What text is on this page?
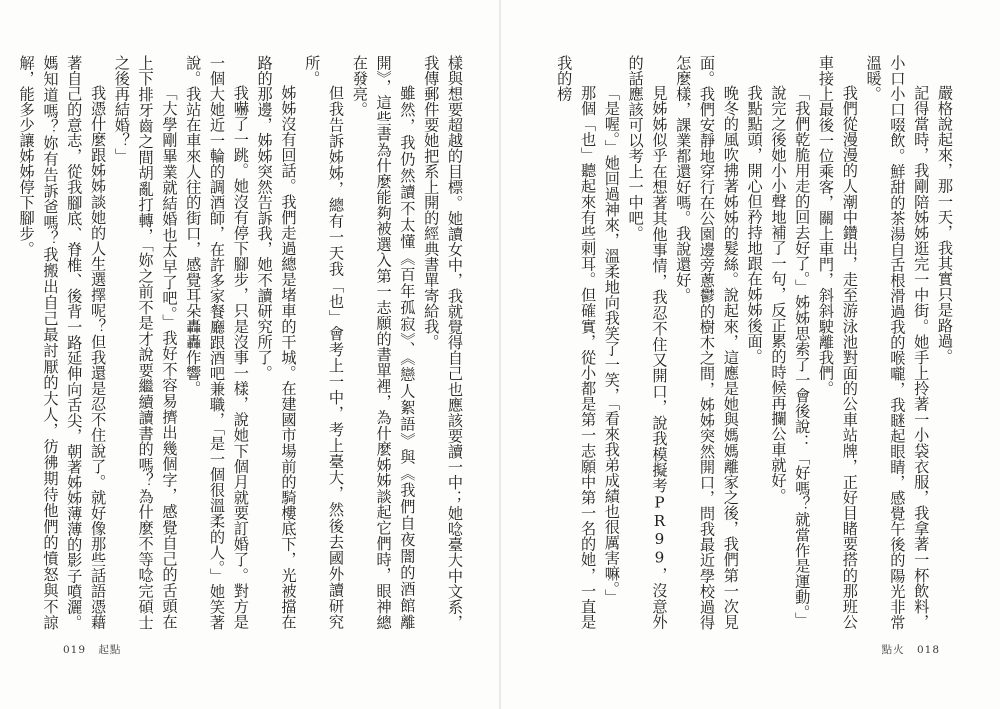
嚴格說起來，那一天，我其實只是路過。

記得當時，我剛陪姊姊逛完一中街。她手上拎著一小袋衣服，我拿著一杯飲料，小口小口啜飲。鮮甜的茶湯自舌根滑過我的喉嚨，我瞇起眼睛，感覺午後的陽光非常溫暖。

我們從漫漫的人潮中鑽出，走至游泳池對面的公車站牌，正好目睹要搭的那班公車接上最後一位乘客，關上車門，斜斜駛離我們。

「我們乾脆用走的回去好了。」姊姊思索了一會後說：「好嗎？就當作是運動。」

說完之後她小小聲地補了一句，反正累的時候再攔公車就好。

我點點頭，開心但矜持地跟在姊姊後面。

晚冬的風吹拂著姊姊的髮絲。說起來，這應是她與媽媽離家之後，我們第一次見面。我們安靜地穿行在公園邊旁蔥鬱的樹木之間，姊姊突然開口，問我最近學校過得怎麼樣，課業都還好嗎。我說還好。

見姊姊似乎在想著其他事情，我忍不住又開口，說我模擬考PR99，沒意外的話應該可以考上一中吧。

「是喔。」她回過神來，溫柔地向我笑了一笑，「看來我弟成績也很厲害嘛。」

那個「也」聽起來有些刺耳。但確實，從小都是第一志願中第一名的她，一直是我的榜

點火 018

樣與想要超越的目標。她讀女中，我就覺得自己也應該要讀一中；她唸臺大中文系，我傳郵件要她把系上開的經典書單寄給我。

雖然，我仍然讀不太懂《百年孤寂》、《戀人絮語》與《我們自夜闇的酒館離開》，這些書為什麼能夠被選入第一志願的書單裡，為什麼姊姊談起它們時，眼神總在發亮。

但我告訴姊姊，總有一天我「也」會考上一中，考上臺大，然後去國外讀研究所。

姊姊沒有回話。我們走過總是堵車的干城。在建國市場前的騎樓底下，光被擋在路的那邊，姊姊突然告訴我，她不讀研究所了。

我嚇了一跳。她沒有停下腳步，只是沒事一樣，說她下個月就要訂婚了。對方是一個大她近一輪的調酒師，在許多家餐廳跟酒吧兼職，「是一個很溫柔的人。」她笑著說。我站在車來人往的街口，感覺耳朵轟轟作響。

「大學剛畢業就結婚也太早了吧。」我好不容易擠出幾個字，感覺自己的舌頭在上下排牙齒之間胡亂打轉，「妳之前不是才說要繼續讀書的嗎？為什麼不等唸完碩士之後再結婚？」

我憑什麼跟姊姊談她的人生選擇呢？但我還是忍不住說了。就好像那些話語憑藉著自己的意志，從我腳底、脊椎、後背一路延伸向舌尖，朝著姊姊薄薄的影子噴灑。媽知道嗎？妳有告訴爸嗎？我搬出自己最討厭的大人，彷彿期待他們的憤怒與不諒解，能多少讓姊姊停下腳步。

019 起點
